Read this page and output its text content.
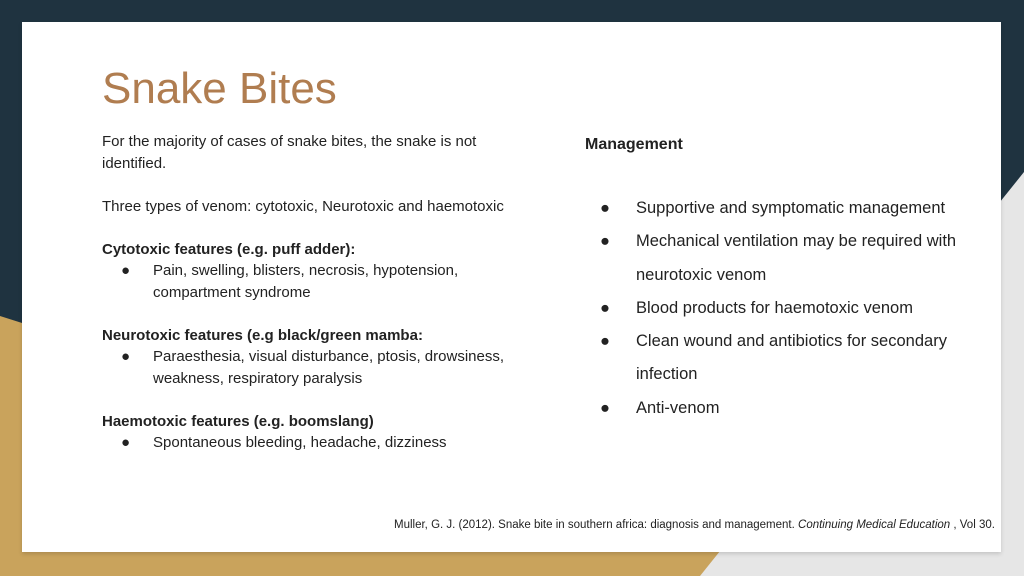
Snake Bites

For the majority of cases of snake bites, the snake is not identified.

Three types of venom: cytotoxic, Neurotoxic and haemotoxic

Cytotoxic features (e.g. puff adder):

● Pain, swelling, blisters, necrosis, hypotension, compartment syndrome

Neurotoxic features (e.g black/green mamba:

● Paraesthesia, visual disturbance, ptosis, drowsiness, weakness, respiratory paralysis

Haemotoxic features (e.g. boomslang)

● Spontaneous bleeding, headache, dizziness

Management

● Supportive and symptomatic management
● Mechanical ventilation may be required with neurotoxic venom
● Blood products for haemotoxic venom
● Clean wound and antibiotics for secondary infection
● Anti-venom
Muller, G. J. (2012). Snake bite in southern africa: diagnosis and management. Continuing Medical Education , Vol 30.
